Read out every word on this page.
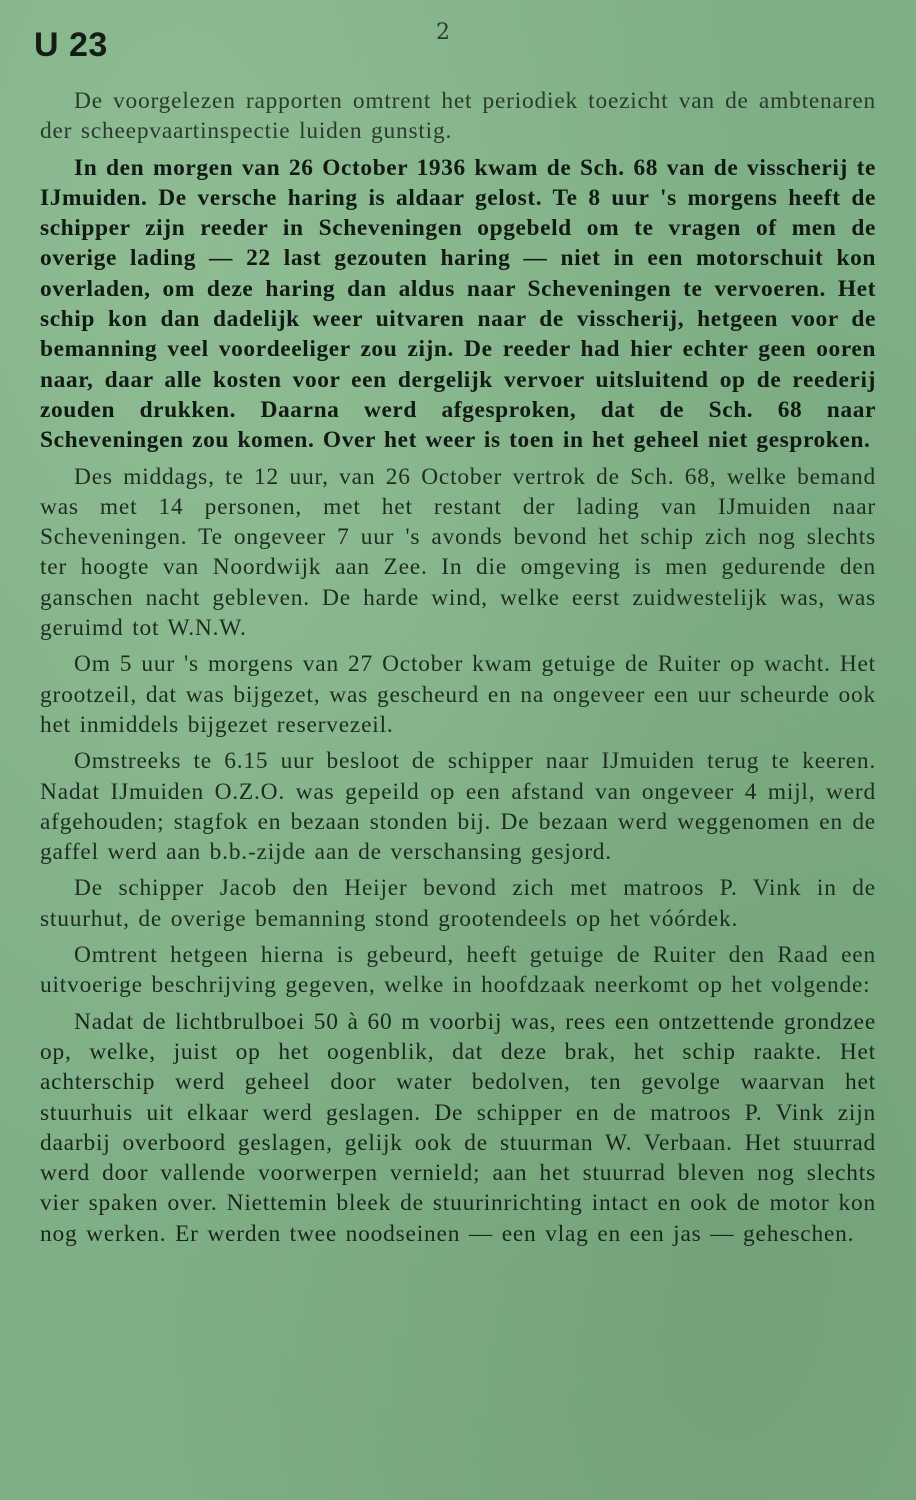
U 23	2

De voorgelezen rapporten omtrent het periodiek toezicht van de ambtenaren der scheepvaartinspectie luiden gunstig.

In den morgen van 26 October 1936 kwam de Sch. 68 van de visscherij te IJmuiden. De versche haring is aldaar gelost. Te 8 uur 's morgens heeft de schipper zijn reeder in Scheveningen opgebeld om te vragen of men de overige lading — 22 last gezouten haring — niet in een motorschuit kon overladen, om deze haring dan aldus naar Scheveningen te vervoeren. Het schip kon dan dadelijk weer uitvaren naar de visscherij, hetgeen voor de bemanning veel voordeeliger zou zijn. De reeder had hier echter geen ooren naar, daar alle kosten voor een dergelijk vervoer uitsluitend op de reederij zouden drukken. Daarna werd afgesproken, dat de Sch. 68 naar Scheveningen zou komen. Over het weer is toen in het geheel niet gesproken.

Des middags, te 12 uur, van 26 October vertrok de Sch. 68, welke bemand was met 14 personen, met het restant der lading van IJmuiden naar Scheveningen. Te ongeveer 7 uur 's avonds bevond het schip zich nog slechts ter hoogte van Noordwijk aan Zee. In die omgeving is men gedurende den ganschen nacht gebleven. De harde wind, welke eerst zuidwestelijk was, was geruimd tot W.N.W.

Om 5 uur 's morgens van 27 October kwam getuige de Ruiter op wacht. Het grootzeil, dat was bijgezet, was gescheurd en na ongeveer een uur scheurde ook het inmiddels bijgezet reservezeil.

Omstreeks te 6.15 uur besloot de schipper naar IJmuiden terug te keeren. Nadat IJmuiden O.Z.O. was gepeild op een afstand van ongeveer 4 mijl, werd afgehouden; stagfok en bezaan stonden bij. De bezaan werd weggenomen en de gaffel werd aan b.b.-zijde aan de verschansing gesjord.

De schipper Jacob den Heijer bevond zich met matroos P. Vink in de stuurhut, de overige bemanning stond grootendeels op het vóórdek.

Omtrent hetgeen hierna is gebeurd, heeft getuige de Ruiter den Raad een uitvoerige beschrijving gegeven, welke in hoofdzaak neerkomt op het volgende:

Nadat de lichtbrulboei 50 à 60 m voorbij was, rees een ontzettende grondzee op, welke, juist op het oogenblik, dat deze brak, het schip raakte. Het achterschip werd geheel door water bedolven, ten gevolge waarvan het stuurhuis uit elkaar werd geslagen. De schipper en de matroos P. Vink zijn daarbij overboord geslagen, gelijk ook de stuurman W. Verbaan. Het stuurrad werd door vallende voorwerpen vernield; aan het stuurrad bleven nog slechts vier spaken over. Niettemin bleek de stuurinrichting intact en ook de motor kon nog werken. Er werden twee noodseinen — een vlag en een jas — geheschen.
